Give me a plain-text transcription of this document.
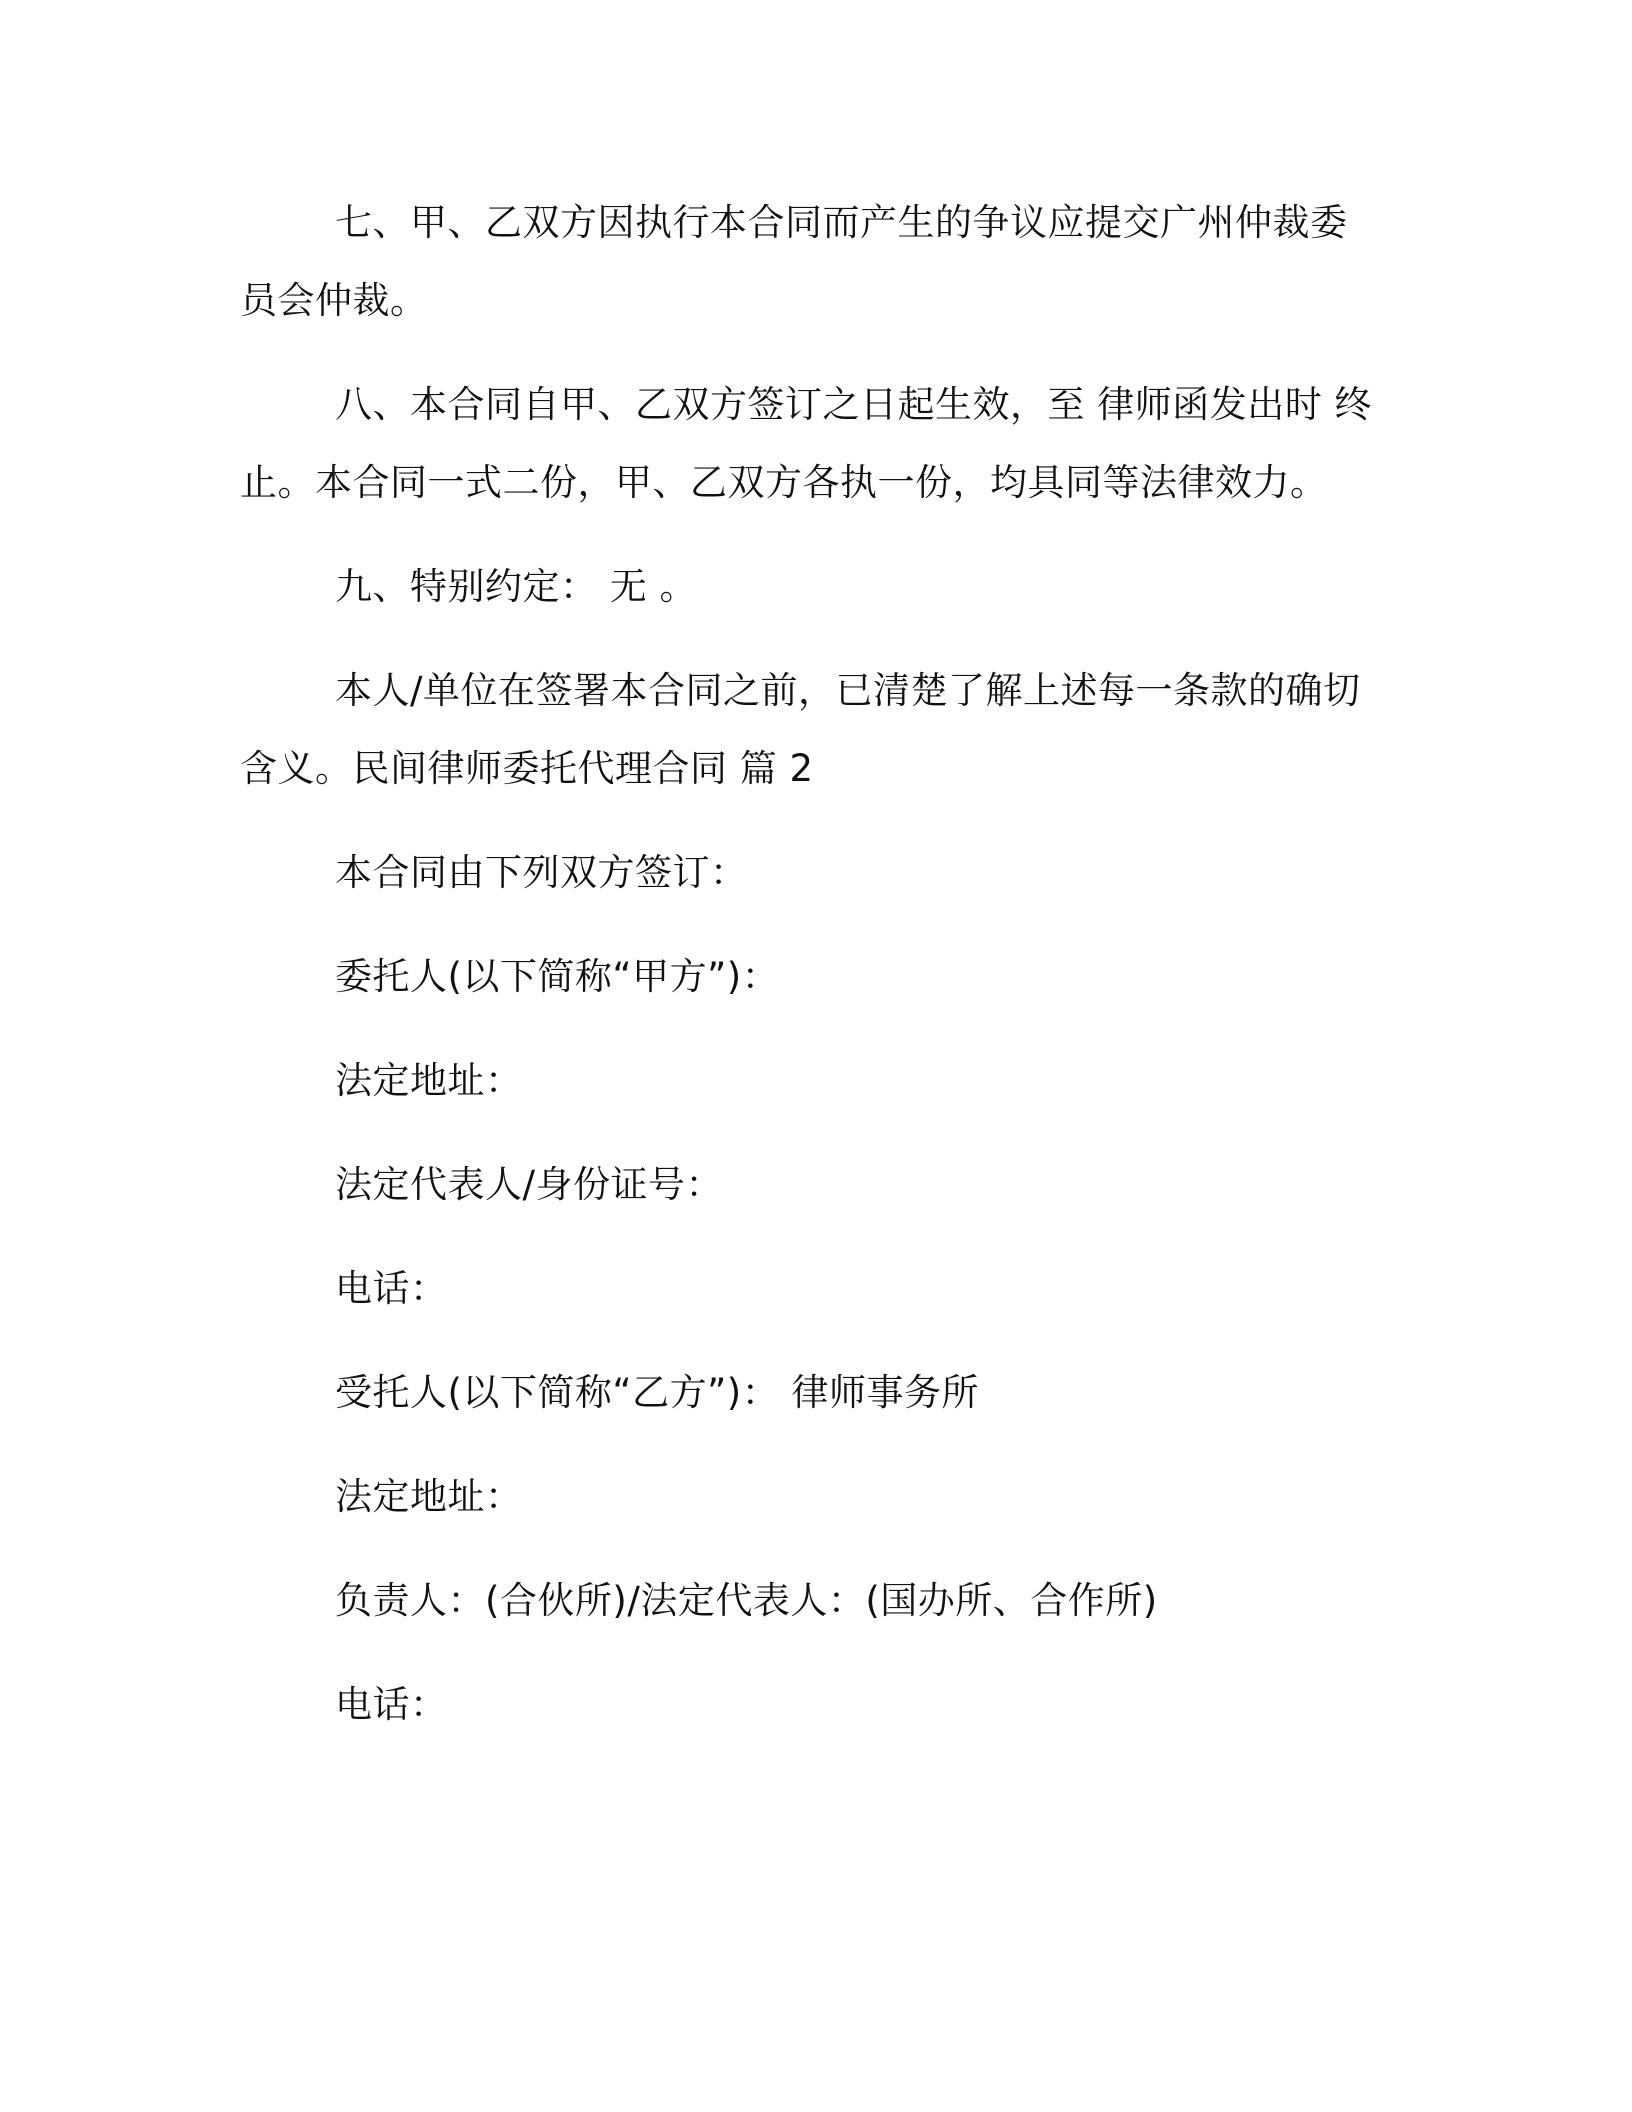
七、甲、乙双方因执行本合同而产生的争议应提交广州仲裁委员会仲裁。

八、本合同自甲、乙双方签订之日起生效，至 律师函发出时 终止。本合同一式二份，甲、乙双方各执一份，均具同等法律效力。

九、特别约定： 无 。

本人/单位在签署本合同之前，已清楚了解上述每一条款的确切含义。民间律师委托代理合同 篇 2

本合同由下列双方签订：

委托人(以下简称“甲方”)：

法定地址：

法定代表人/身份证号：

电话：

受托人(以下简称“乙方”)： 律师事务所

法定地址：

负责人：(合伙所)/法定代表人：(国办所、合作所)

电话：
